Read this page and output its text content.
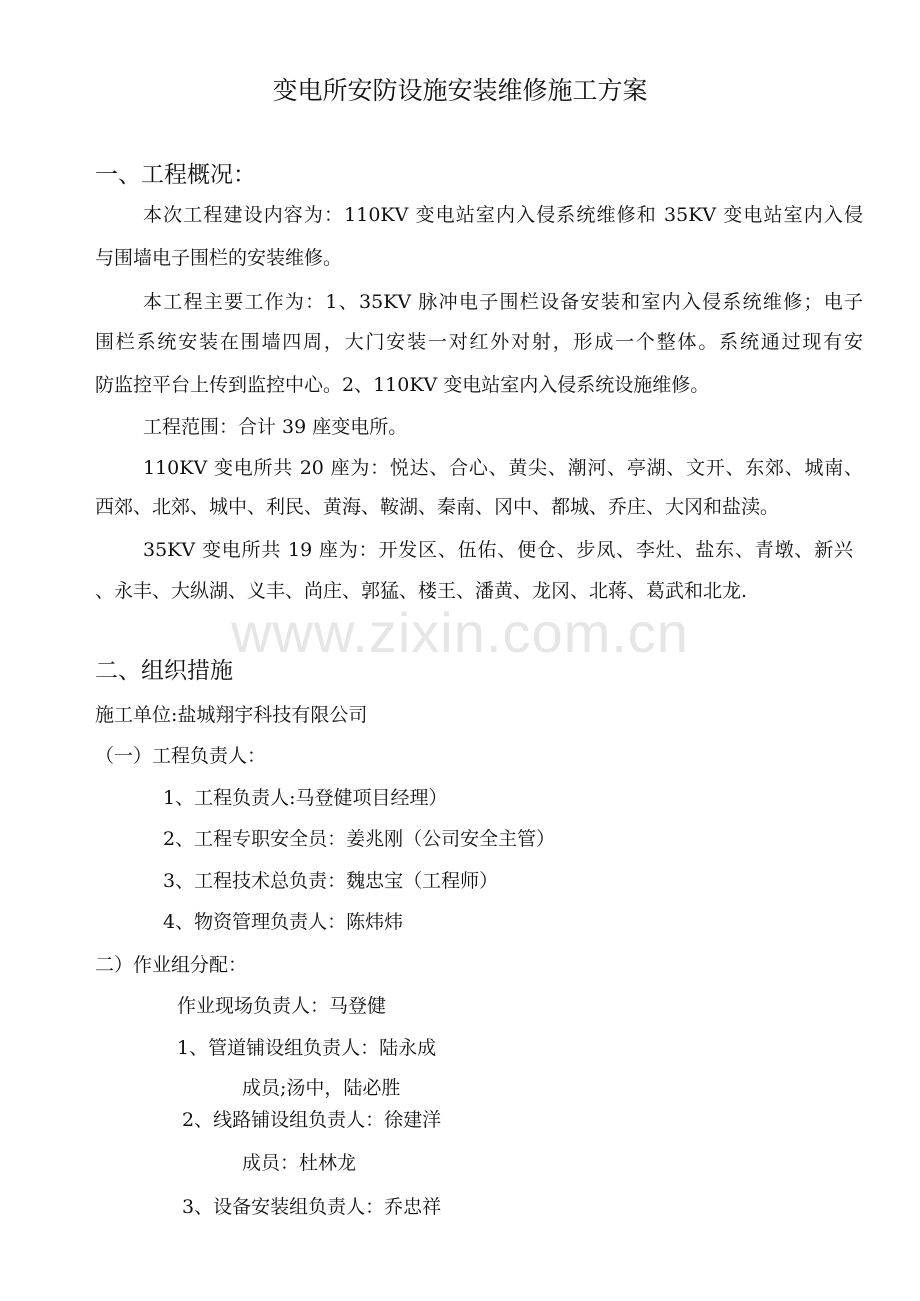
www.zixin.com.cn
变电所安防设施安装维修施工方案
一、工程概况：
本次工程建设内容为：110KV 变电站室内入侵系统维修和 35KV 变电站室内入侵
与围墙电子围栏的安装维修。
本工程主要工作为：1、35KV 脉冲电子围栏设备安装和室内入侵系统维修；电子
围栏系统安装在围墙四周，大门安装一对红外对射，形成一个整体。系统通过现有安
防监控平台上传到监控中心。2、110KV 变电站室内入侵系统设施维修。
工程范围：合计 39 座变电所。
110KV 变电所共 20 座为：悦达、合心、黄尖、潮河、亭湖、文开、东郊、城南、
西郊、北郊、城中、利民、黄海、鞍湖、秦南、冈中、都城、乔庄、大冈和盐渎。
35KV 变电所共 19 座为：开发区、伍佑、便仓、步凤、李灶、盐东、青墩、新兴
、永丰、大纵湖、义丰、尚庄、郭猛、楼王、潘黄、龙冈、北蒋、葛武和北龙.
二、组织措施
施工单位:盐城翔宇科技有限公司
（一）工程负责人：
1、工程负责人:马登健项目经理）
2、工程专职安全员：姜兆刚（公司安全主管）
3、工程技术总负责：魏忠宝（工程师）
4、物资管理负责人：陈炜炜
二）作业组分配：
作业现场负责人：马登健
1、管道铺设组负责人：陆永成
成员;汤中，陆必胜
2、线路铺设组负责人：徐建洋
成员：杜林龙
3、设备安装组负责人：乔忠祥
